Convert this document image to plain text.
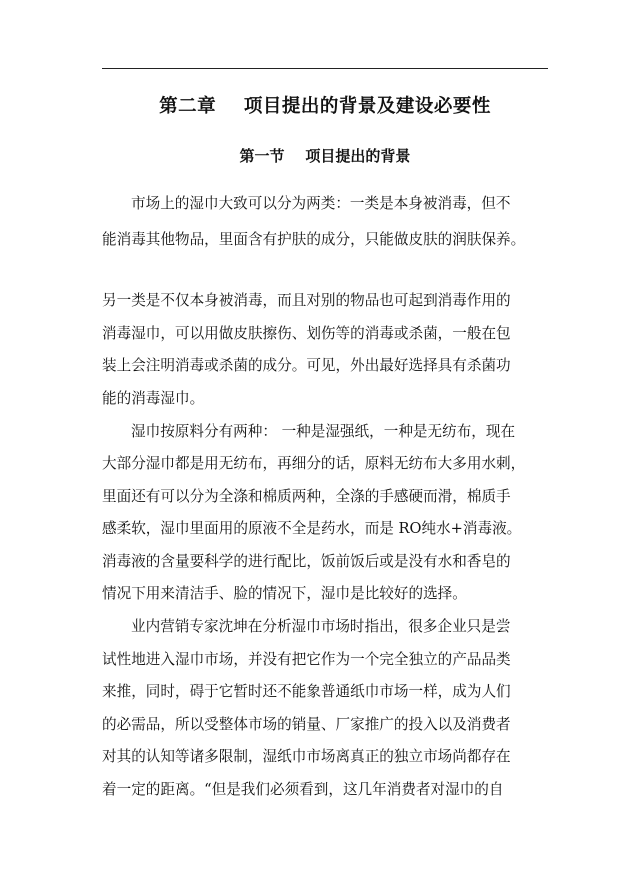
第二章    项目提出的背景及建设必要性
第一节    项目提出的背景
市场上的湿巾大致可以分为两类：一类是本身被消毒，但不
能消毒其他物品，里面含有护肤的成分，只能做皮肤的润肤保养。
另一类是不仅本身被消毒，而且对别的物品也可起到消毒作用的
消毒湿巾，可以用做皮肤擦伤、划伤等的消毒或杀菌，一般在包
装上会注明消毒或杀菌的成分。可见，外出最好选择具有杀菌功
能的消毒湿巾。
湿巾按原料分有两种： 一种是湿强纸，一种是无纺布，现在
大部分湿巾都是用无纺布，再细分的话，原料无纺布大多用水刺，
里面还有可以分为全涤和棉质两种，全涤的手感硬而滑，棉质手
感柔软，湿巾里面用的原液不全是药水，而是 RO纯水+消毒液。
消毒液的含量要科学的进行配比，饭前饭后或是没有水和香皂的
情况下用来清洁手、脸的情况下，湿巾是比较好的选择。
业内营销专家沈坤在分析湿巾市场时指出，很多企业只是尝
试性地进入湿巾市场，并没有把它作为一个完全独立的产品品类
来推，同时，碍于它暂时还不能象普通纸巾市场一样，成为人们
的必需品，所以受整体市场的销量、厂家推广的投入以及消费者
对其的认知等诸多限制，湿纸巾市场离真正的独立市场尚都存在
着一定的距离。“但是我们必须看到，这几年消费者对湿巾的自
